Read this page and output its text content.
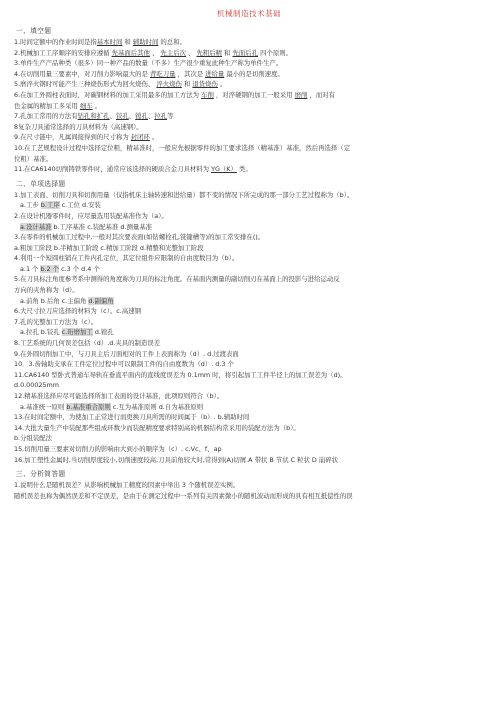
机械制造技术基础
一、填空题
1.时间定额中的作业时间是指基本时间 和 辅助时间 的总和。
2.机械加工工序顺序的安排应遵循 先基面后其他 、 先主后次 、 先粗后精 和 先面后孔 四个原则。
3.单件生产产品种类（很多）同一种产品的数量（不多）生产很少重复此种生产称为单件生产。
4.在切削用量三要素中，对刀削力影响最大的是 背吃刀量 ，其次是 进给量 最小的是切削速度。
5.磨淬火钢时可能产生三种烧伤形式为回火烧伤、 淬火烧伤 和 退货烧伤 。
6.在加工外圆柱表面时，对碳钢材料的加工采用最多的加工方法为 车削 ，对淬硬钢的加工一般采用 磨削 ，而对有
色金属的精加工多采用 细车 。
7.孔加工常用的方法有钻孔和扩孔、铰孔、镗孔、拉孔等
8复杂刀具通常选择的刀具材料为（高速钢）。
9.在尺寸链中，凡属间接得到的尺寸称为 封闭环 。
10.在工艺规程设计过程中选择定位粗，精基准时，一般应先根据零件的加工要求选择（精基准）基准，然后再选择（定
位粗）基准。
11.在CA6140切削铸铁零件时，通常应该选择的硬质合金刀具材料为 YG（K） 类。
二、单项选择题
1.加工表面、切削刀具和切削用量（仅指机床主轴转速和进给量）都不变的情况下所完成的那一部分工艺过程称为（b）。
a.工步 b.工序 c.工位 d.安装
2.在设计机器零件时，应尽量选用装配基准作为（a）。
a.设计基准 b.工序基准 c.装配基准 d.测量基准
3.在零件的机械加工过程中,一般对其次要表面(如钻螺栓孔,铣键槽等)的加工常安排在()。
a.粗加工阶段 b.半精加工阶段 c.精加工阶段 d.精整和光整加工阶段
4.利用一个短圆柱销在工件内孔定位，其定位组件应限制的自由度数目为（b）。
a.1 个 b.2 个 c.3 个 d.4 个
5.在刀具标注角度参考系中测得的角度称为刀具的标注角度。在基面内测量的副切削刃在基面上的投影与进给运动反
方向的夹角称为（d）。
a.前角 b.后角 c.主偏角 d.副偏角
6.大尺寸拉刀应选择的材料为（c）。c.高速钢
7.孔的光整加工方法为（c）。
a.拉孔 b.铰孔 c.珩磨加工 d.镗孔
8.工艺系统的几何误差包括（d）.d.夹具的制造误差
9.在外圆切削加工中，与刀具主后刀面相对的工件上表面称为（d）. d.过渡表面
10．3.齿轴助支承在工件定位过程中可以限制工件的自由度数为（d）. d.3 个
11.CA6140 型卧式普通车导轨在垂直平面内的直线度误差为 0.1mm 时，将引起加工工件半径上的加工误差为（d)。
d.0.00025mm
12.精基准选择应尽可能选择所加工表面的设计基准，此项原则符合（b）。
a.基准统一原则 b.基准重合原则 c.互为基准原则 d.自为基准原则
13.在时间定额中，为使加工正常进行而更换刀具所需的时间属于（b）. b.辅助时间
14.大批大量生产中装配那些组成环数少而装配精度要求特别高的机器结构常采用的装配方法为（b）。
b.分组装配法
15.切削用量三要素对切削力的影响由大到小的顺序为（c）. c.Vc、f、ap
16.加工塑性金属时,当切削厚度较小,切削速度较高,刀具前角较大时,常得到(A)切屑.A 带状 B 节状 C 粒状 D 崩碎状
三、分析简答题
1.说明什么是随机误差？从影响机械加工精度的因素中举出 3 个随机误差实例。
随机误差也称为偶然误差和不定误差，是由于在测定过程中一系列有关因素微小的随机波动而形成的具有相互抵偿性的误
